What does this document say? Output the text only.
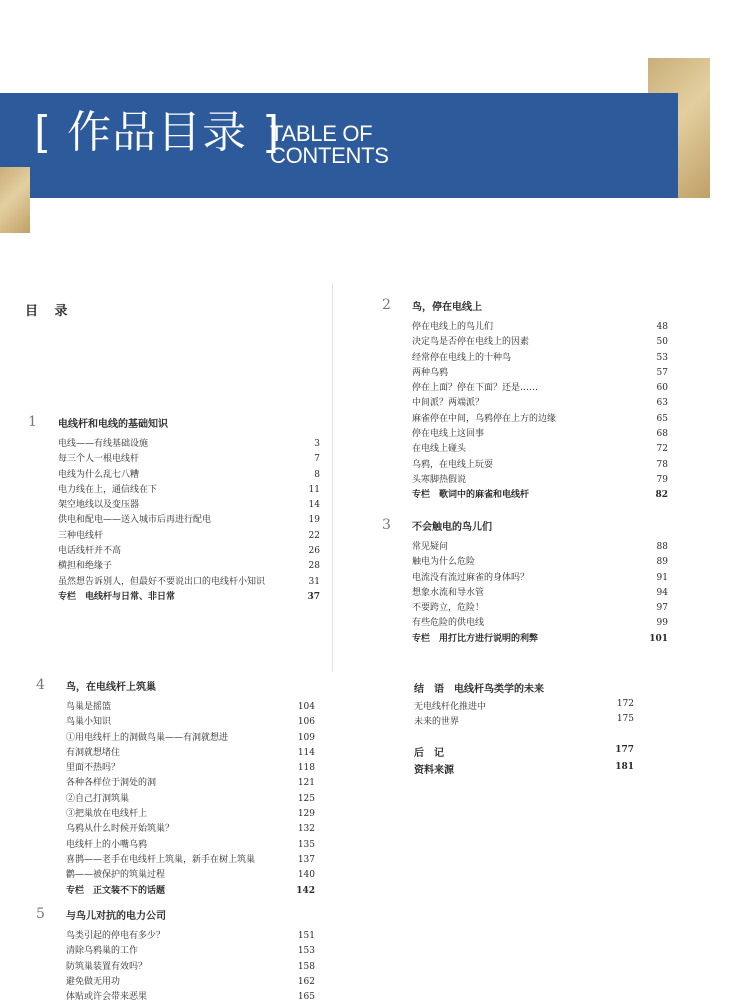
[ 作品目录 ]
TABLE OF
CONTENTS
目 录
1 电线杆和电线的基础知识
电线——有线基础设施	3
每三个人一根电线杆	7
电线为什么乱七八糟	8
电力线在上，通信线在下	11
架空地线以及变压器	14
供电和配电——送入城市后再进行配电	19
三种电线杆	22
电话线杆并不高	26
横担和绝缘子	28
虽然想告诉别人，但最好不要说出口的电线杆小知识	31
专栏　电线杆与日常、非日常	37
2 鸟，停在电线上
停在电线上的鸟儿们	48
决定鸟是否停在电线上的因素	50
经常停在电线上的十种鸟	53
两种乌鸦	57
停在上面？停在下面？还是……	60
中间派？两端派？	63
麻雀停在中间，乌鸦停在上方的边缘	65
停在电线上这回事	68
在电线上碰头	72
乌鸦，在电线上玩耍	78
头寒脚热假说	79
专栏　歌词中的麻雀和电线杆	82
3 不会触电的鸟儿们
常见疑问	88
触电为什么危险	89
电流没有流过麻雀的身体吗？	91
想象水流和导水管	94
不要跨立，危险！	97
有些危险的供电线	99
专栏　用打比方进行说明的利弊	101
4 鸟，在电线杆上筑巢
鸟巢是摇篮	104
鸟巢小知识	106
①用电线杆上的洞做鸟巢——有洞就想进	109
有洞就想堵住	114
里面不热吗？	118
各种各样位于洞处的洞	121
②自己打洞筑巢	125
③把巢放在电线杆上	129
乌鸦从什么时候开始筑巢？	132
电线杆上的小嘴乌鸦	135
喜鹊——老手在电线杆上筑巢，新手在树上筑巢	137
鹳——被保护的筑巢过程	140
专栏　正文装不下的话题	142
5 与鸟儿对抗的电力公司
鸟类引起的停电有多少？	151
清除乌鸦巢的工作	153
防筑巢装置有效吗？	158
避免做无用功	162
体贴或许会带来恶果	165
结　语　电线杆鸟类学的未来
无电线杆化推进中	172
未来的世界	175
后　记	177
资料来源	181
